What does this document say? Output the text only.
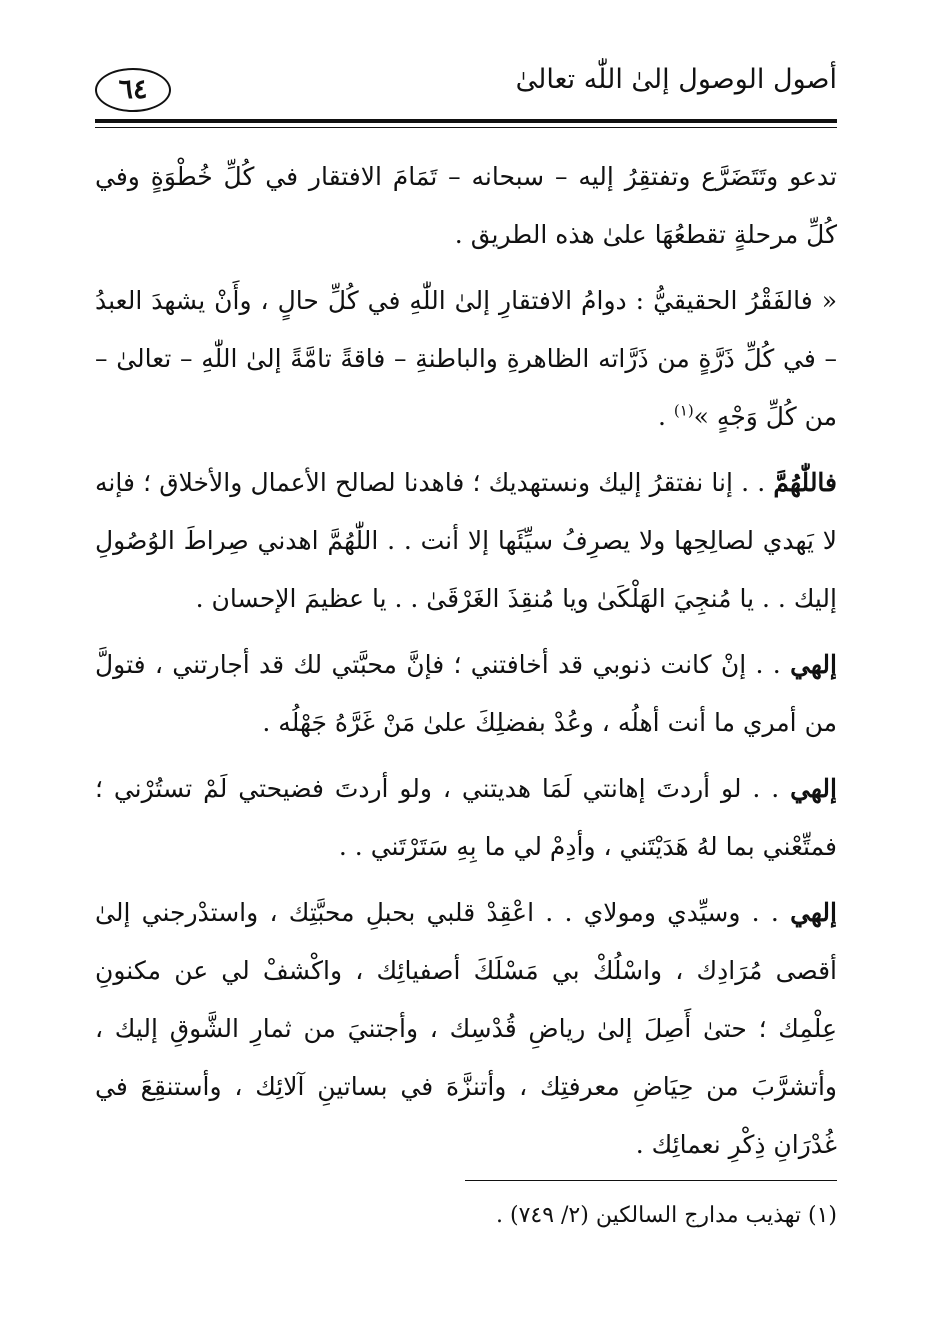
أصول الوصول إلىٰ اللّٰه تعالىٰ
٦٤

تدعو وتَتَضَرَّع وتفتقِرُ إليه – سبحانه – تَمَامَ الافتقار في كُلِّ خُطْوَةٍ وفي كُلِّ مرحلةٍ تقطعُهَا علىٰ هذه الطريق .

« فالفَقْرُ الحقيقيُّ : دوامُ الافتقارِ إلىٰ اللّٰهِ في كُلِّ حالٍ ، وأَنْ يشهدَ العبدُ – في كُلِّ ذَرَّةٍ من ذَرَّاته الظاهرةِ والباطنةِ – فاقةً تامَّةً إلىٰ اللّٰهِ – تعالىٰ – من كُلِّ وَجْهٍ »$^{(١)}$ .

فاللّٰهُمَّ . . إنا نفتقرُ إليك ونستهديك ؛ فاهدنا لصالح الأعمال والأخلاق ؛ فإنه لا يَهدي لصالِحِها ولا يصرِفُ سيِّئَها إلا أنت . . اللّٰهُمَّ اهدني صِراطَ الوُصُولِ إليك . . يا مُنجِيَ الهَلْكَىٰ ويا مُنقِذَ الغَرْقَىٰ . . يا عظيمَ الإحسان .

إلهي . . إنْ كانت ذنوبي قد أخافتني ؛ فإنَّ محبَّتي لك قد أجارتني ، فتولَّ من أمري ما أنت أهلُه ، وعُدْ بفضلِكَ علىٰ مَنْ غَرَّهُ جَهْلُه .

إلهي . . لو أردتَ إهانتي لَمَا هديتني ، ولو أردتَ فضيحتي لَمْ تستُرْني ؛ فمتِّعْني بما لهُ هَدَيْتَني ، وأدِمْ لي ما بِهِ سَتَرْتَني . .

إلهي . . وسيِّدي ومولاي . . اعْقِدْ قلبي بحبلِ محبَّتِك ، واستدْرجني إلىٰ أقصى مُرَادِك ، واسْلُكْ بي مَسْلَكَ أصفيائِك ، واكْشفْ لي عن مكنونِ عِلْمِك ؛ حتىٰ أَصِلَ إلىٰ رياضِ قُدْسِك ، وأجتنيَ من ثمارِ الشَّوقِ إليك ، وأتشرَّبَ من حِيَاضِ معرفتِك ، وأتنزَّهَ في بساتينِ آلائِك ، وأستنقِعَ في غُدْرَانِ ذِكْرِ نعمائِك .

(١) تهذيب مدارج السالكين (٢/ ٧٤٩) .
